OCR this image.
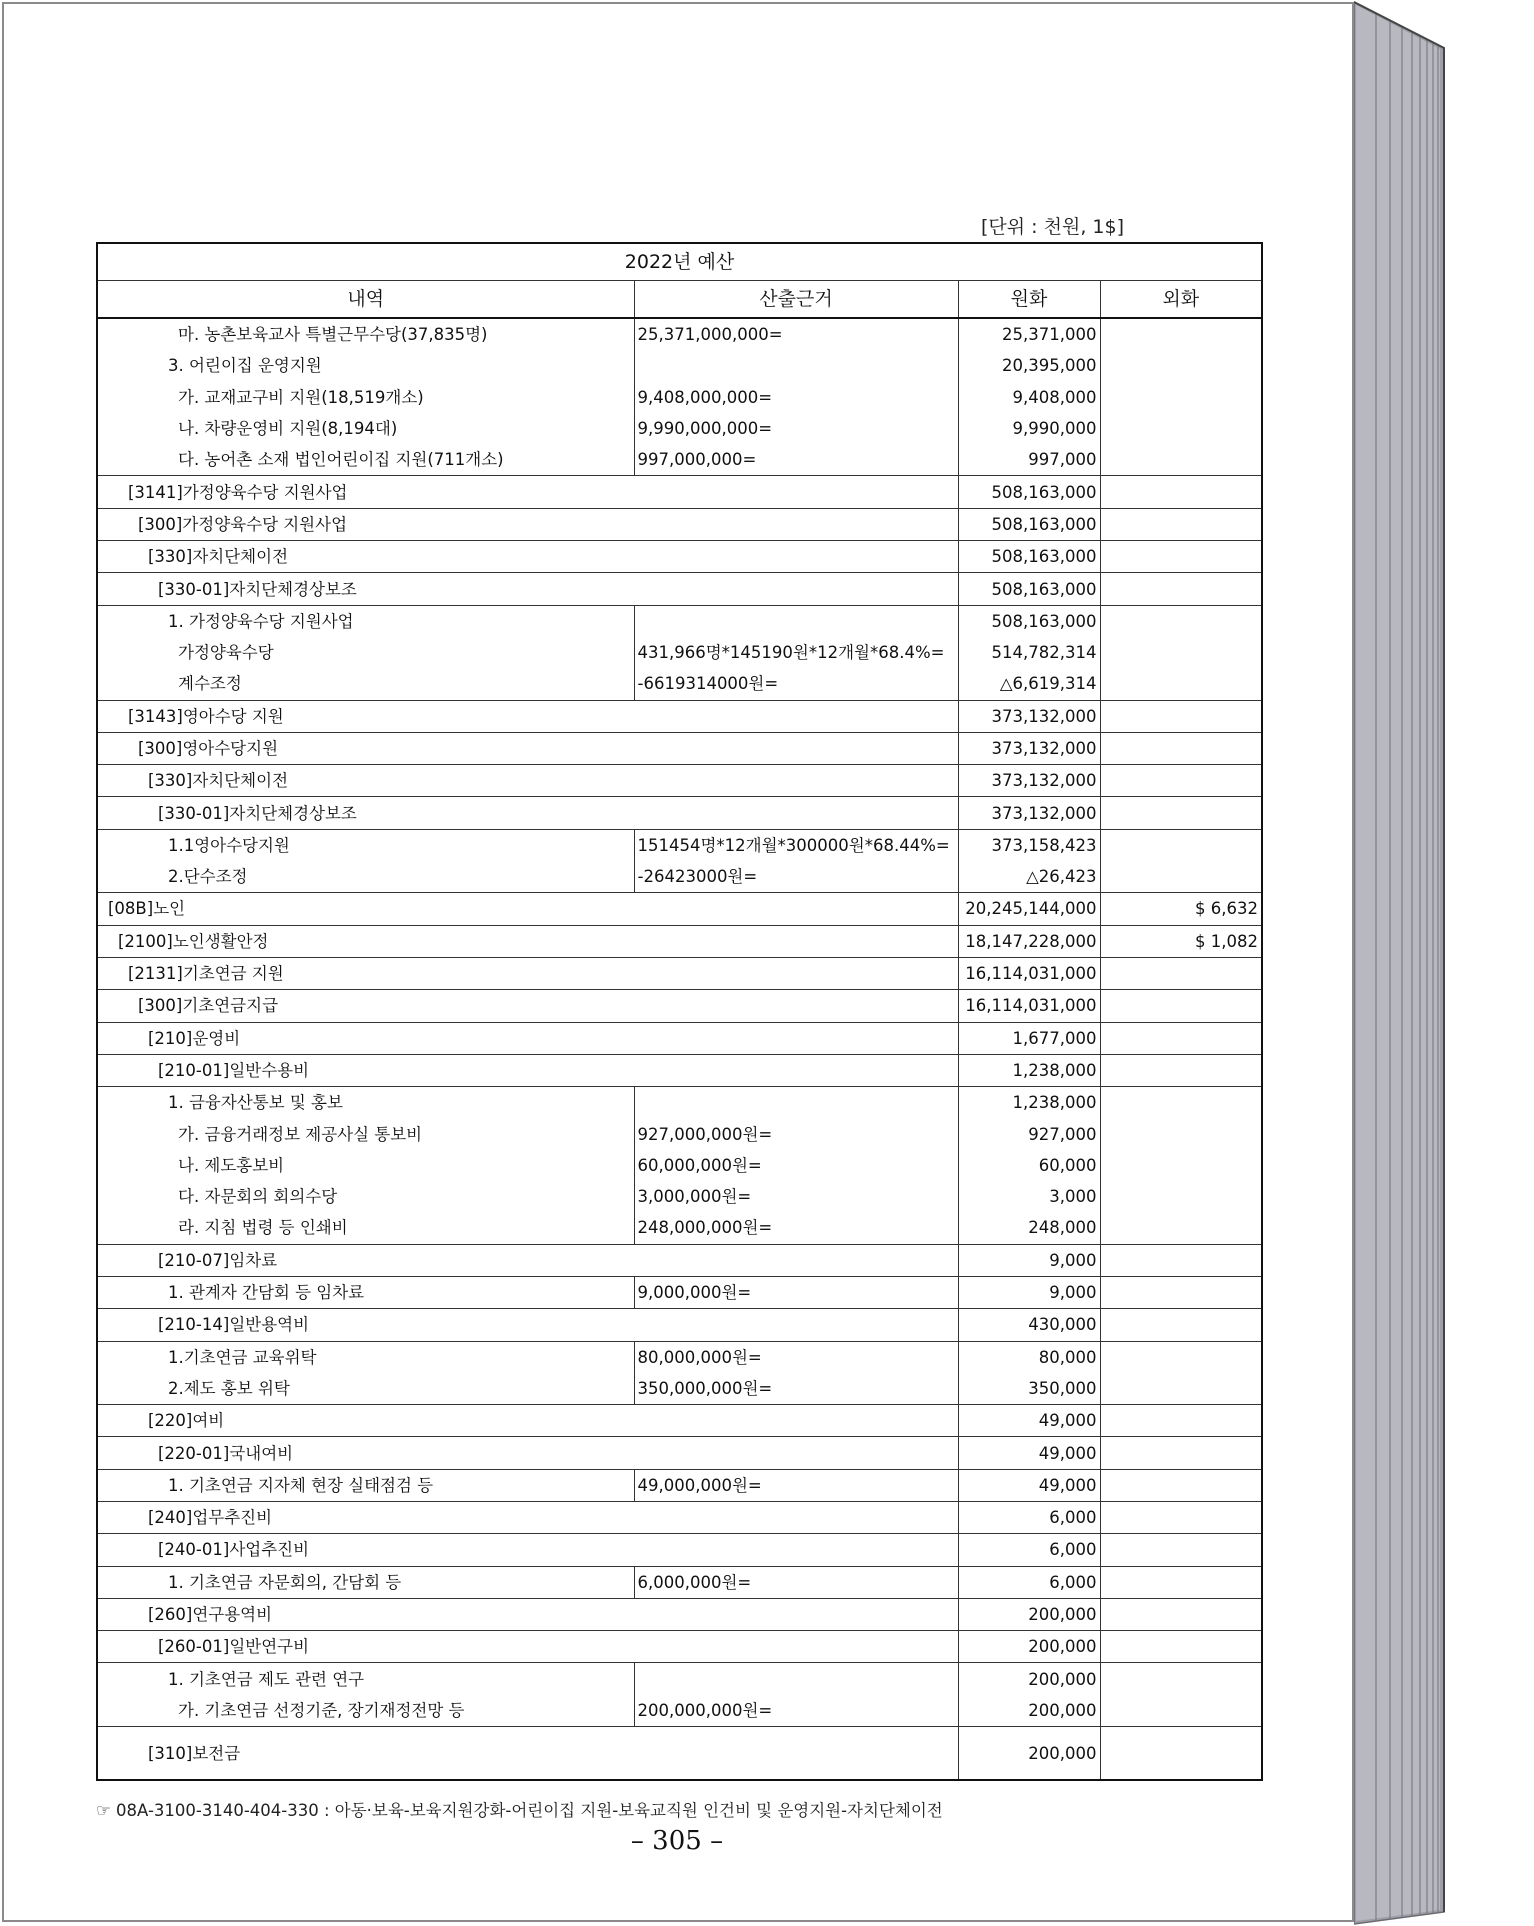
[단위 : 천원, 1$]
2022년 예산			
내역	산출근거	원화	외화
마. 농촌보육교사 특별근무수당(37,835명)	25,371,000,000=	25,371,000	
3. 어린이집 운영지원		20,395,000	
가. 교재교구비 지원(18,519개소)	9,408,000,000=	9,408,000	
나. 차량운영비 지원(8,194대)	9,990,000,000=	9,990,000	
다. 농어촌 소재 법인어린이집 지원(711개소)	997,000,000=	997,000	
[3141]가정양육수당 지원사업		508,163,000	
[300]가정양육수당 지원사업		508,163,000	
[330]자치단체이전		508,163,000	
[330-01]자치단체경상보조		508,163,000	
1. 가정양육수당 지원사업		508,163,000	
가정양육수당	431,966명*145190원*12개월*68.4%=	514,782,314	
계수조정	-6619314000원=	△6,619,314	
[3143]영아수당 지원		373,132,000	
[300]영아수당지원		373,132,000	
[330]자치단체이전		373,132,000	
[330-01]자치단체경상보조		373,132,000	
1.1영아수당지원	151454명*12개월*300000원*68.44%=	373,158,423	
2.단수조정	-26423000원=	△26,423	
[08B]노인		20,245,144,000	$ 6,632
[2100]노인생활안정		18,147,228,000	$ 1,082
[2131]기초연금 지원		16,114,031,000	
[300]기초연금지급		16,114,031,000	
[210]운영비		1,677,000	
[210-01]일반수용비		1,238,000	
1. 금융자산통보 및 홍보		1,238,000	
가. 금융거래정보 제공사실 통보비	927,000,000원=	927,000	
나. 제도홍보비	60,000,000원=	60,000	
다. 자문회의 회의수당	3,000,000원=	3,000	
라. 지침 법령 등 인쇄비	248,000,000원=	248,000	
[210-07]임차료		9,000	
1. 관계자 간담회 등 임차료	9,000,000원=	9,000	
[210-14]일반용역비		430,000	
1.기초연금 교육위탁	80,000,000원=	80,000	
2.제도 홍보 위탁	350,000,000원=	350,000	
[220]여비		49,000	
[220-01]국내여비		49,000	
1. 기초연금 지자체 현장 실태점검 등	49,000,000원=	49,000	
[240]업무추진비		6,000	
[240-01]사업추진비		6,000	
1. 기초연금 자문회의, 간담회 등	6,000,000원=	6,000	
[260]연구용역비		200,000	
[260-01]일반연구비		200,000	
1. 기초연금 제도 관련 연구		200,000	
가. 기초연금 선정기준, 장기재정전망 등	200,000,000원=	200,000	
[310]보전금		200,000	
☞ 08A-3100-3140-404-330 : 아동·보육-보육지원강화-어린이집 지원-보육교직원 인건비 및 운영지원-자치단체이전
– 305 –
